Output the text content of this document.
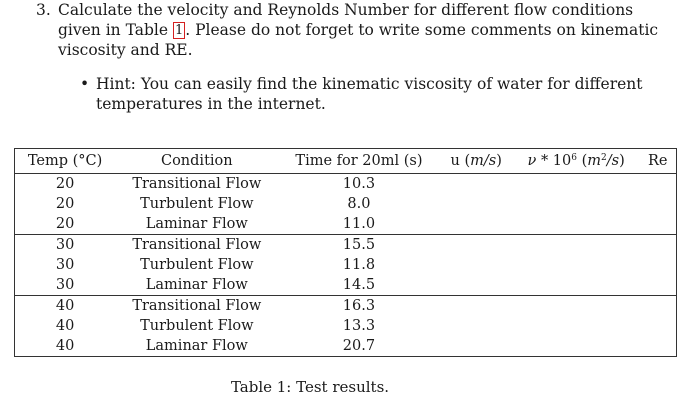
3. Calculate the velocity and Reynolds Number for different flow conditions given in Table 1 . Please do not forget to write some comments on kinematic viscosity and RE.
• Hint: You can easily find the kinematic viscosity of water for different temperatures in the internet.
Temp (°C)	Condition	Time for 20ml (s)	u (m/s)	ν * $10^6$ $(m^2/s)$	Re
20	Transitional Flow	10.3			
20	Turbulent Flow	8.0			
20	Laminar Flow	11.0			
30	Transitional Flow	15.5			
30	Turbulent Flow	11.8			
30	Laminar Flow	14.5			
40	Transitional Flow	16.3			
40	Turbulent Flow	13.3			
40	Laminar Flow	20.7			
Table 1: Test results.
